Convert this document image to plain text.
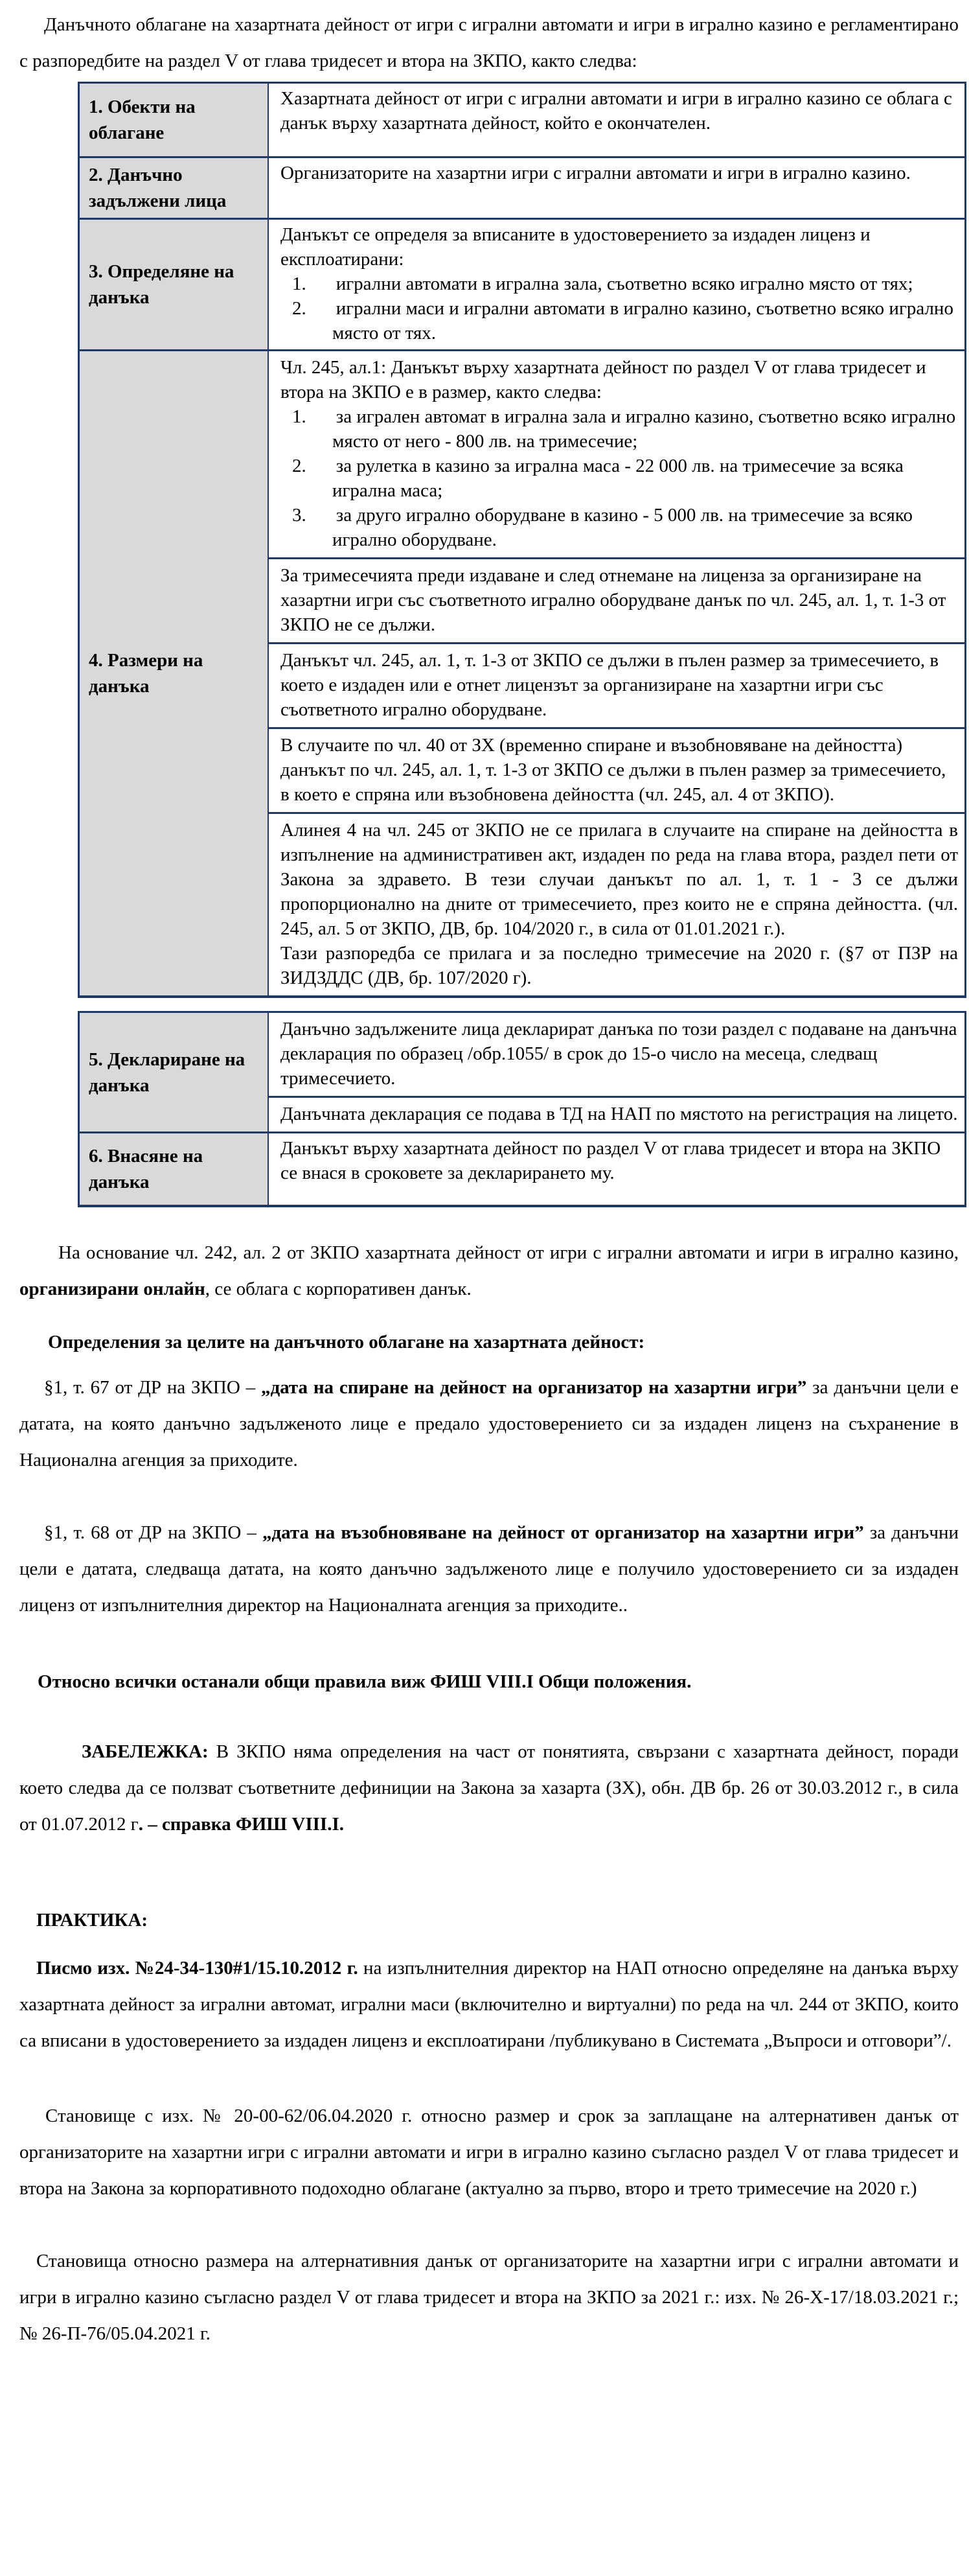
Данъчното облагане на хазартната дейност от игри с игрални автомати и игри в игрално казино е регламентирано с разпоредбите на раздел V от глава тридесет и втора на ЗКПО, както следва:

1. Обекти на облагане

Хазартната дейност от игри с игрални автомати и игри в игрално казино се облага с данък върху хазартната дейност, който е окончателен.

2. Данъчно задължени лица

Организаторите на хазартни игри с игрални автомати и игри в игрално казино.

3. Определяне на данъка

Данъкът се определя за вписаните в удостоверението за издаден лиценз и експлоатирани:

1. игрални автомати в игрална зала, съответно всяко игрално място от тях;
2. игрални маси и игрални автомати в игрално казино, съответно всяко игрално място от тях.
4. Размери на данъка

Чл. 245, ал.1: Данъкът върху хазартната дейност по раздел V от глава тридесет и втора на ЗКПО е в размер, както следва:

1. за игрален автомат в игрална зала и игрално казино, съответно всяко игрално място от него - 800 лв. на тримесечие;
2. за рулетка в казино за игрална маса - 22 000 лв. на тримесечие за всяка игрална маса;
3. за друго игрално оборудване в казино - 5 000 лв. на тримесечие за всяко игрално оборудване.

За тримесечията преди издаване и след отнемане на лиценза за организиране на хазартни игри със съответното игрално оборудване данък по чл. 245, ал. 1, т. 1-3 от ЗКПО не се дължи.

Данъкът чл. 245, ал. 1, т. 1-3 от ЗКПО се дължи в пълен размер за тримесечието, в което е издаден или е отнет лицензът за организиране на хазартни игри със съответното игрално оборудване.

В случаите по чл. 40 от ЗХ (временно спиране и възобновяване на дейността) данъкът по чл. 245, ал. 1, т. 1-3 от ЗКПО се дължи в пълен размер за тримесечието, в което е спряна или възобновена дейността (чл. 245, ал. 4 от ЗКПО).

Алинея 4 на чл. 245 от ЗКПО не се прилага в случаите на спиране на дейността в изпълнение на административен акт, издаден по реда на глава втора, раздел пети от Закона за здравето. В тези случаи данъкът по ал. 1, т. 1 - 3 се дължи пропорционално на дните от тримесечието, през които не е спряна дейността. (чл. 245, ал. 5 от ЗКПО, ДВ, бр. 104/2020 г., в сила от 01.01.2021 г.).

Тази разпоредба се прилага и за последно тримесечие на 2020 г. (§7 от ПЗР на ЗИДЗДДС (ДВ, бр. 107/2020 г).

5. Деклариране на данъка

Данъчно задължените лица декларират данъка по този раздел с подаване на данъчна декларация по образец /обр.1055/ в срок до 15-о число на месеца, следващ тримесечието.

Данъчната декларация се подава в ТД на НАП по мястото на регистрация на лицето.

6. Внасяне на данъка

Данъкът върху хазартната дейност по раздел V от глава тридесет и втора на ЗКПО се внася в сроковете за декларирането му.

На основание чл. 242, ал. 2 от ЗКПО хазартната дейност от игри с игрални автомати и игри в игрално казино, организирани онлайн, се облага с корпоративен данък.

Определения за целите на данъчното облагане на хазартната дейност:

§1, т. 67 от ДР на ЗКПО – „дата на спиране на дейност на организатор на хазартни игри” за данъчни цели е датата, на която данъчно задълженото лице е предало удостоверението си за издаден лиценз на съхранение в Национална агенция за приходите.

§1, т. 68 от ДР на ЗКПО – „дата на възобновяване на дейност от организатор на хазартни игри” за данъчни цели е датата, следваща датата, на която данъчно задълженото лице е получило удостоверението си за издаден лиценз от изпълнителния директор на Националната агенция за приходите..

Относно всички останали общи правила виж ФИШ VIII.I Общи положения.

ЗАБЕЛЕЖКА: В ЗКПО няма определения на част от понятията, свързани с хазартната дейност, поради което следва да се ползват съответните дефиниции на Закона за хазарта (ЗХ), обн. ДВ бр. 26 от 30.03.2012 г., в сила от 01.07.2012 г. – справка ФИШ VIII.I.

ПРАКТИКА:

Писмо изх. №24-34-130#1/15.10.2012 г. на изпълнителния директор на НАП относно определяне на данъка върху хазартната дейност за игрални автомат, игрални маси (включително и виртуални) по реда на чл. 244 от ЗКПО, които са вписани в удостоверението за издаден лиценз и експлоатирани /публикувано в Системата „Въпроси и отговори”/.

Становище с изх. № 20-00-62/06.04.2020 г. относно размер и срок за заплащане на алтернативен данък от организаторите на хазартни игри с игрални автомати и игри в игрално казино съгласно раздел V от глава тридесет и втора на Закона за корпоративното подоходно облагане (актуално за първо, второ и трето тримесечие на 2020 г.)

Становища относно размера на алтернативния данък от организаторите на хазартни игри с игрални автомати и игри в игрално казино съгласно раздел V от глава тридесет и втора на ЗКПО за 2021 г.: изх. № 26-Х-17/18.03.2021 г.; № 26-П-76/05.04.2021 г.
